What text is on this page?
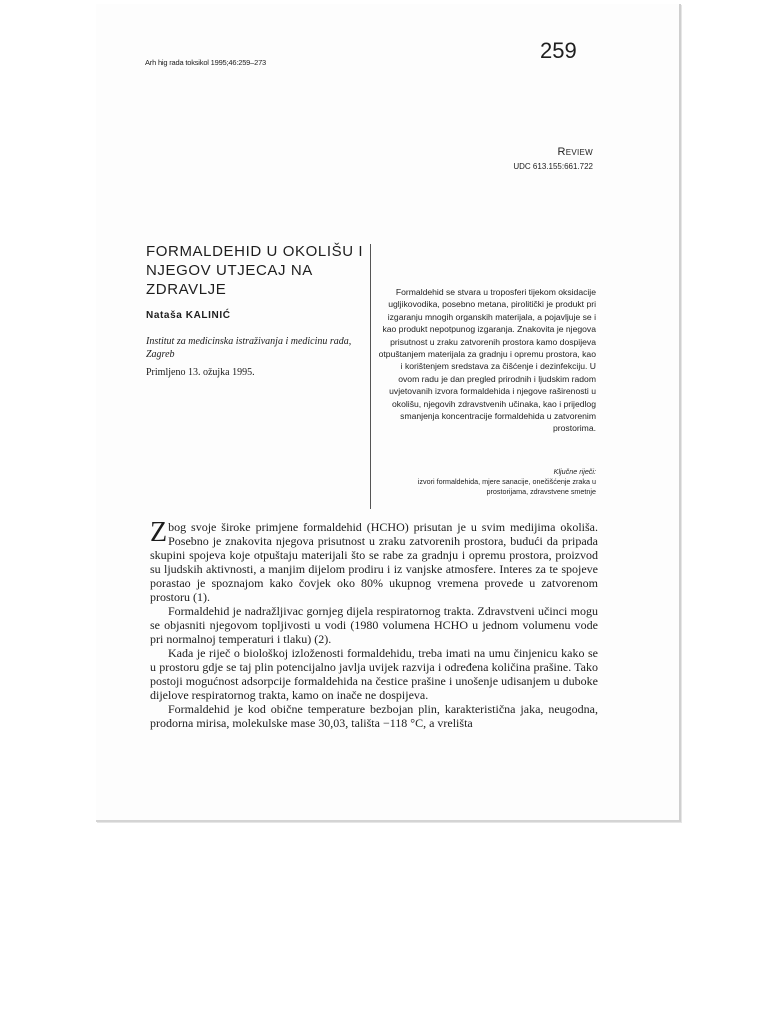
Arh hig rada toksikol 1995;46:259–273	259
Review
UDC 613.155:661.722
FORMALDEHID U OKOLIŠU I NJEGOV UTJECAJ NA ZDRAVLJE
Nataša KALINIĆ
Institut za medicinska istraživanja i medicinu rada, Zagreb
Primljeno 13. ožujka 1995.
Formaldehid se stvara u troposferi tijekom oksidacije ugljikovodika, posebno metana, pirolitički je produkt pri izgaranju mnogih organskih materijala, a pojavljuje se i kao produkt nepotpunog izgaranja. Znakovita je njegova prisutnost u zraku zatvorenih prostora kamo dospijeva otpuštanjem materijala za gradnju i opremu prostora, kao i korištenjem sredstava za čišćenje i dezinfekciju. U ovom radu je dan pregled prirodnih i ljudskim radom uvjetovanih izvora formaldehida i njegove raširenosti u okolišu, njegovih zdravstvenih učinaka, kao i prijedlog smanjenja koncentracije formaldehida u zatvorenim prostorima.
Ključne riječi:
izvori formaldehida, mjere sanacije, onečišćenje zraka u prostorijama, zdravstvene smetnje

Zbog svoje široke primjene formaldehid (HCHO) prisutan je u svim medijima okoliša. Posebno je znakovita njegova prisutnost u zraku zatvorenih prostora, budući da pripada skupini spojeva koje otpuštaju materijali što se rabe za gradnju i opremu prostora, proizvod su ljudskih aktivnosti, a manjim dijelom prodiru i iz vanjske atmosfere. Interes za te spojeve porastao je spoznajom kako čovjek oko 80% ukupnog vremena provede u zatvorenom prostoru (1).

Formaldehid je nadražljivac gornjeg dijela respiratornog trakta. Zdravstveni učinci mogu se objasniti njegovom topljivosti u vodi (1980 volumena HCHO u jednom volumenu vode pri normalnoj temperaturi i tlaku) (2).

Kada je riječ o biološkoj izloženosti formaldehidu, treba imati na umu činjenicu kako se u prostoru gdje se taj plin potencijalno javlja uvijek razvija i određena količina prašine. Tako postoji mogućnost adsorpcije formaldehida na čestice prašine i unošenje udisanjem u duboke dijelove respiratornog trakta, kamo on inače ne dospijeva.

Formaldehid je kod obične temperature bezbojan plin, karakteristična jaka, neugodna, prodorna mirisa, molekulske mase 30,03, tališta −118 °C, a vrelišta
